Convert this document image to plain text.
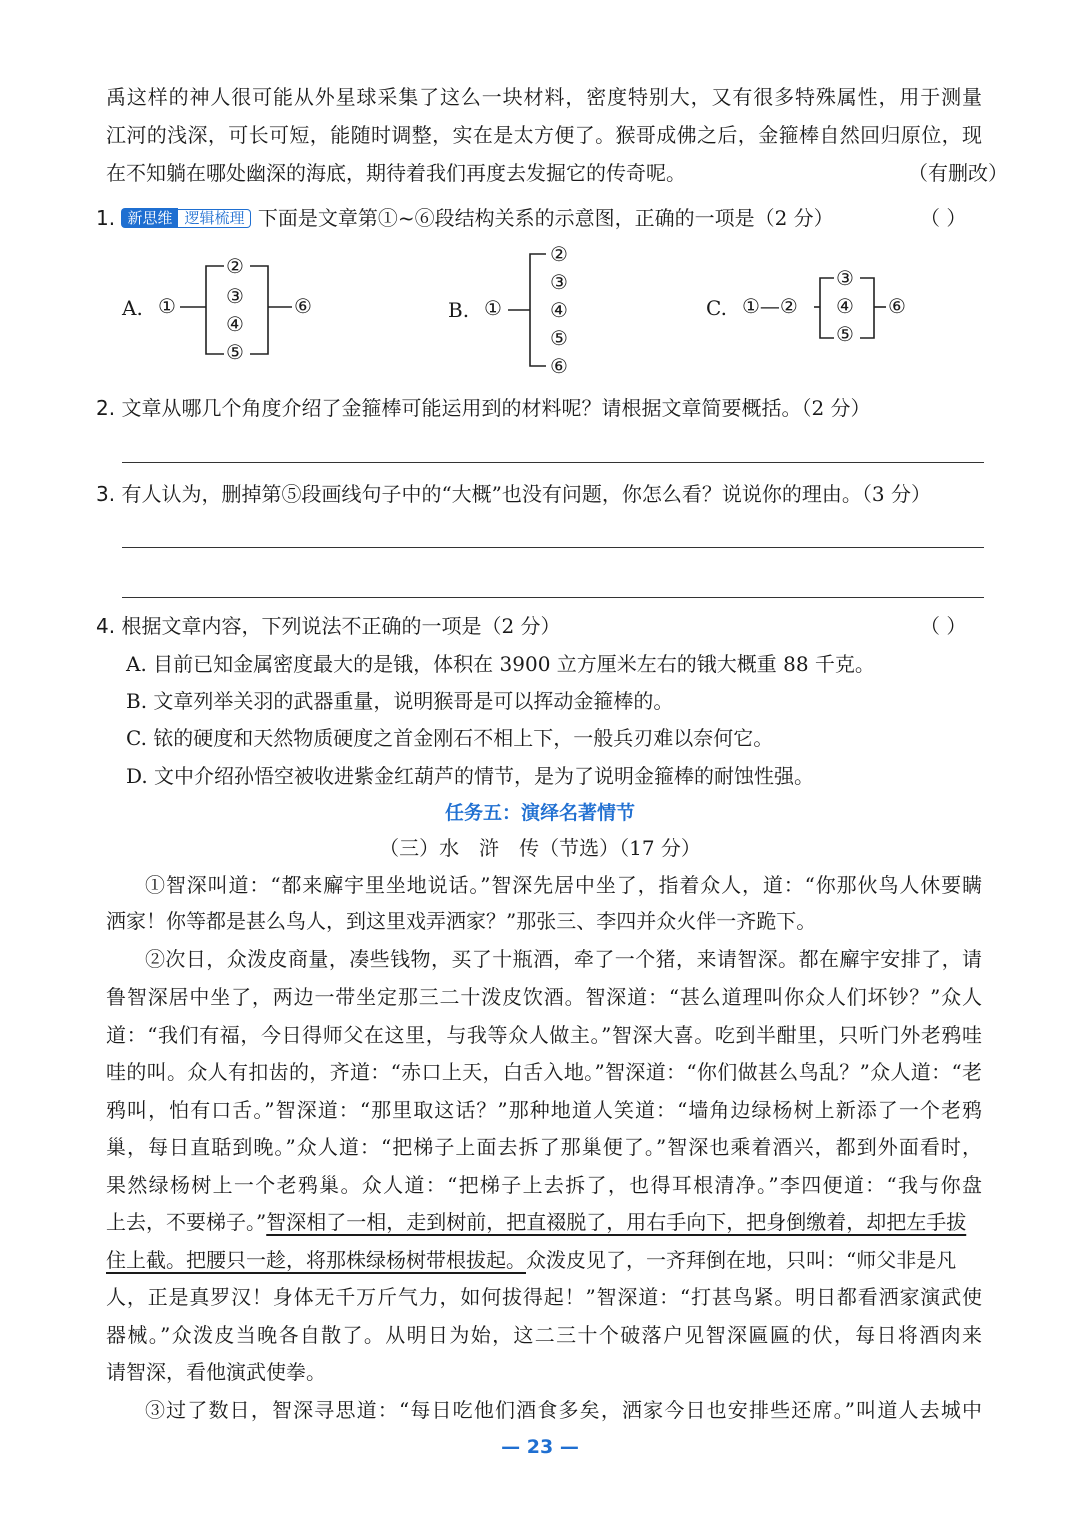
禹这样的神人很可能从外星球采集了这么一块材料，密度特别大，又有很多特殊属性，用于测量
江河的浅深，可长可短，能随时调整，实在是太方便了。猴哥成佛之后，金箍棒自然回归原位，现
在不知躺在哪处幽深的海底，期待着我们再度去发掘它的传奇呢。	（有删改）
1. 新思维 逻辑梳理 下面是文章第①~⑥段结构关系的示意图，正确的一项是（2 分）	（ ）
A. ①
②
③
④
⑤
⑥	B. ①
②
③
④
⑤
⑥
C. ①—②
③
④
⑤
⑥
2. 文章从哪几个角度介绍了金箍棒可能运用到的材料呢？请根据文章简要概括。（2 分）
3. 有人认为，删掉第⑤段画线句子中的“大概”也没有问题，你怎么看？说说你的理由。（3 分）
4. 根据文章内容，下列说法不正确的一项是（2 分）	（ ）
A. 目前已知金属密度最大的是锇，体积在 3900 立方厘米左右的锇大概重 88 千克。
B. 文章列举关羽的武器重量，说明猴哥是可以挥动金箍棒的。
C. 铱的硬度和天然物质硬度之首金刚石不相上下，一般兵刃难以奈何它。
D. 文中介绍孙悟空被收进紫金红葫芦的情节，是为了说明金箍棒的耐蚀性强。
任务五：演绎名著情节
（三）水　浒　传（节选）（17 分）
①智深叫道：“都来廨宇里坐地说话。”智深先居中坐了，指着众人，道：“你那伙鸟人休要瞒
洒家！你等都是甚么鸟人，到这里戏弄洒家？”那张三、李四并众火伴一齐跪下。
②次日，众泼皮商量，凑些钱物，买了十瓶酒，牵了一个猪，来请智深。都在廨宇安排了，请
鲁智深居中坐了，两边一带坐定那三二十泼皮饮酒。智深道：“甚么道理叫你众人们坏钞？”众人
道：“我们有福，今日得师父在这里，与我等众人做主。”智深大喜。吃到半酣里，只听门外老鸦哇
哇的叫。众人有扣齿的，齐道：“赤口上天，白舌入地。”智深道：“你们做甚么鸟乱？”众人道：“老
鸦叫，怕有口舌。”智深道：“那里取这话？”那种地道人笑道：“墙角边绿杨树上新添了一个老鸦
巢，每日直聒到晚。”众人道：“把梯子上面去拆了那巢便了。”智深也乘着酒兴，都到外面看时，
果然绿杨树上一个老鸦巢。众人道：“把梯子上去拆了，也得耳根清净。”李四便道：“我与你盘
上去，不要梯子。”智深相了一相，走到树前，把直裰脱了，用右手向下，把身倒缴着，却把左手拔
住上截。把腰只一趁，将那株绿杨树带根拔起。众泼皮见了，一齐拜倒在地，只叫：“师父非是凡
人，正是真罗汉！身体无千万斤气力，如何拔得起！”智深道：“打甚鸟紧。明日都看洒家演武使
器械。”众泼皮当晚各自散了。从明日为始，这二三十个破落户见智深匾匾的伏，每日将酒肉来
请智深，看他演武使拳。
③过了数日，智深寻思道：“每日吃他们酒食多矣，洒家今日也安排些还席。”叫道人去城中
— 23 —
